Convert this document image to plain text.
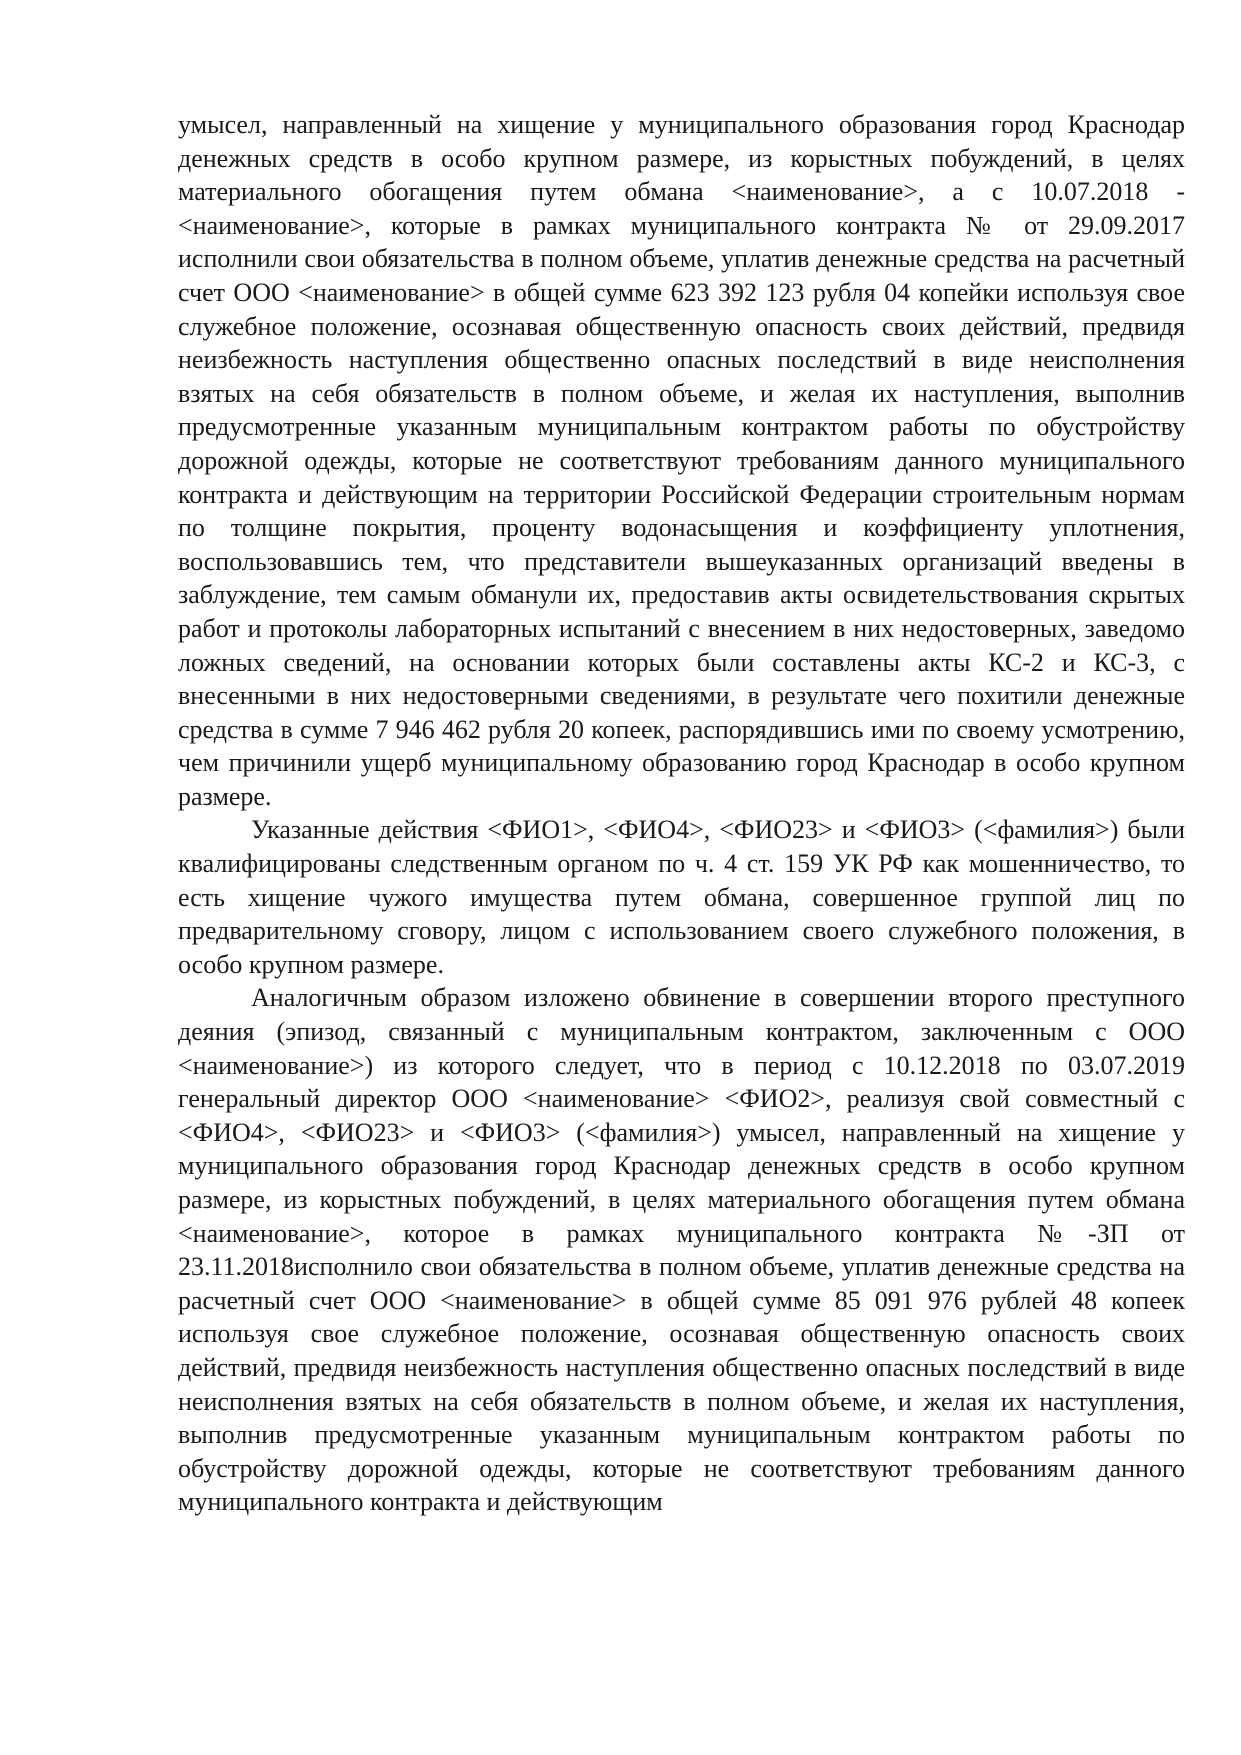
умысел, направленный на хищение у муниципального образования город Краснодар денежных средств в особо крупном размере, из корыстных побуждений, в целях материального обогащения путем обмана <наименование>, а с 10.07.2018 - <наименование>, которые в рамках муниципального контракта № от 29.09.2017 исполнили свои обязательства в полном объеме, уплатив денежные средства на расчетный счет ООО <наименование> в общей сумме 623 392 123 рубля 04 копейки используя свое служебное положение, осознавая общественную опасность своих действий, предвидя неизбежность наступления общественно опасных последствий в виде неисполнения взятых на себя обязательств в полном объеме, и желая их наступления, выполнив предусмотренные указанным муниципальным контрактом работы по обустройству дорожной одежды, которые не соответствуют требованиям данного муниципального контракта и действующим на территории Российской Федерации строительным нормам по толщине покрытия, проценту водонасыщения и коэффициенту уплотнения, воспользовавшись тем, что представители вышеуказанных организаций введены в заблуждение, тем самым обманули их, предоставив акты освидетельствования скрытых работ и протоколы лабораторных испытаний с внесением в них недостоверных, заведомо ложных сведений, на основании которых были составлены акты КС-2 и КС-3, с внесенными в них недостоверными сведениями, в результате чего похитили денежные средства в сумме 7 946 462 рубля 20 копеек, распорядившись ими по своему усмотрению, чем причинили ущерб муниципальному образованию город Краснодар в особо крупном размере.

Указанные действия <ФИО1>, <ФИО4>, <ФИО23> и <ФИО3> (<фамилия>) были квалифицированы следственным органом по ч. 4 ст. 159 УК РФ как мошенничество, то есть хищение чужого имущества путем обмана, совершенное группой лиц по предварительному сговору, лицом с использованием своего служебного положения, в особо крупном размере.

Аналогичным образом изложено обвинение в совершении второго преступного деяния (эпизод, связанный с муниципальным контрактом, заключенным с ООО <наименование>) из которого следует, что в период с 10.12.2018 по 03.07.2019 генеральный директор ООО <наименование> <ФИО2>, реализуя свой совместный с <ФИО4>, <ФИО23> и <ФИО3> (<фамилия>) умысел, направленный на хищение у муниципального образования город Краснодар денежных средств в особо крупном размере, из корыстных побуждений, в целях материального обогащения путем обмана <наименование>, которое в рамках муниципального контракта №-ЗП от 23.11.2018исполнило свои обязательства в полном объеме, уплатив денежные средства на расчетный счет ООО <наименование> в общей сумме 85 091 976 рублей 48 копеек используя свое служебное положение, осознавая общественную опасность своих действий, предвидя неизбежность наступления общественно опасных последствий в виде неисполнения взятых на себя обязательств в полном объеме, и желая их наступления, выполнив предусмотренные указанным муниципальным контрактом работы по обустройству дорожной одежды, которые не соответствуют требованиям данного муниципального контракта и действующим
